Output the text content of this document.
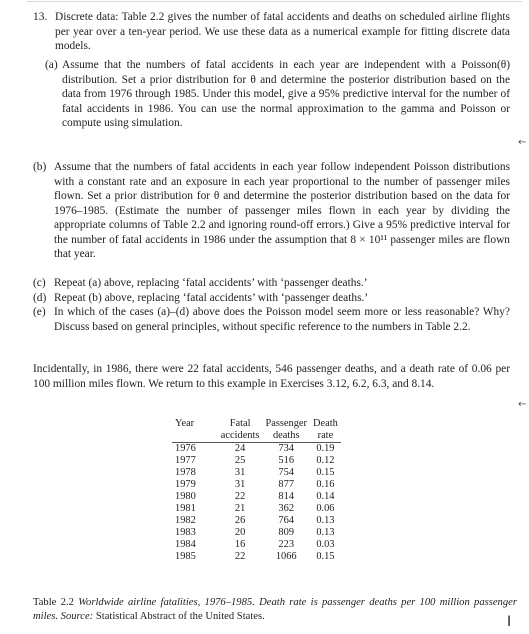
13. Discrete data: Table 2.2 gives the number of fatal accidents and deaths on scheduled airline flights per year over a ten-year period. We use these data as a numerical example for fitting discrete data models.
(a) Assume that the numbers of fatal accidents in each year are independent with a Poisson(θ) distribution. Set a prior distribution for θ and determine the posterior distribution based on the data from 1976 through 1985. Under this model, give a 95% predictive interval for the number of fatal accidents in 1986. You can use the normal approximation to the gamma and Poisson or compute using simulation.
←
(b) Assume that the numbers of fatal accidents in each year follow independent Poisson distributions with a constant rate and an exposure in each year proportional to the number of passenger miles flown. Set a prior distribution for θ and determine the posterior distribution based on the data for 1976–1985. (Estimate the number of passenger miles flown in each year by dividing the appropriate columns of Table 2.2 and ignoring round-off errors.) Give a 95% predictive interval for the number of fatal accidents in 1986 under the assumption that 8 × 10¹¹ passenger miles are flown that year.
(c) Repeat (a) above, replacing ‘fatal accidents’ with ‘passenger deaths.’
(d) Repeat (b) above, replacing ‘fatal accidents’ with ‘passenger deaths.’
(e) In which of the cases (a)–(d) above does the Poisson model seem more or less reasonable? Why? Discuss based on general principles, without specific reference to the numbers in Table 2.2.
Incidentally, in 1986, there were 22 fatal accidents, 546 passenger deaths, and a death rate of 0.06 per 100 million miles flown. We return to this example in Exercises 3.12, 6.2, 6.3, and 8.14.
←
Year	Fatal	Passenger	Death
	accidents	deaths	rate
1976	24	734	0.19
1977	25	516	0.12
1978	31	754	0.15
1979	31	877	0.16
1980	22	814	0.14
1981	21	362	0.06
1982	26	764	0.13
1983	20	809	0.13
1984	16	223	0.03
1985	22	1066	0.15
Table 2.2 Worldwide airline fatalities, 1976–1985. Death rate is passenger deaths per 100 million passenger miles. Source: Statistical Abstract of the United States.	I
